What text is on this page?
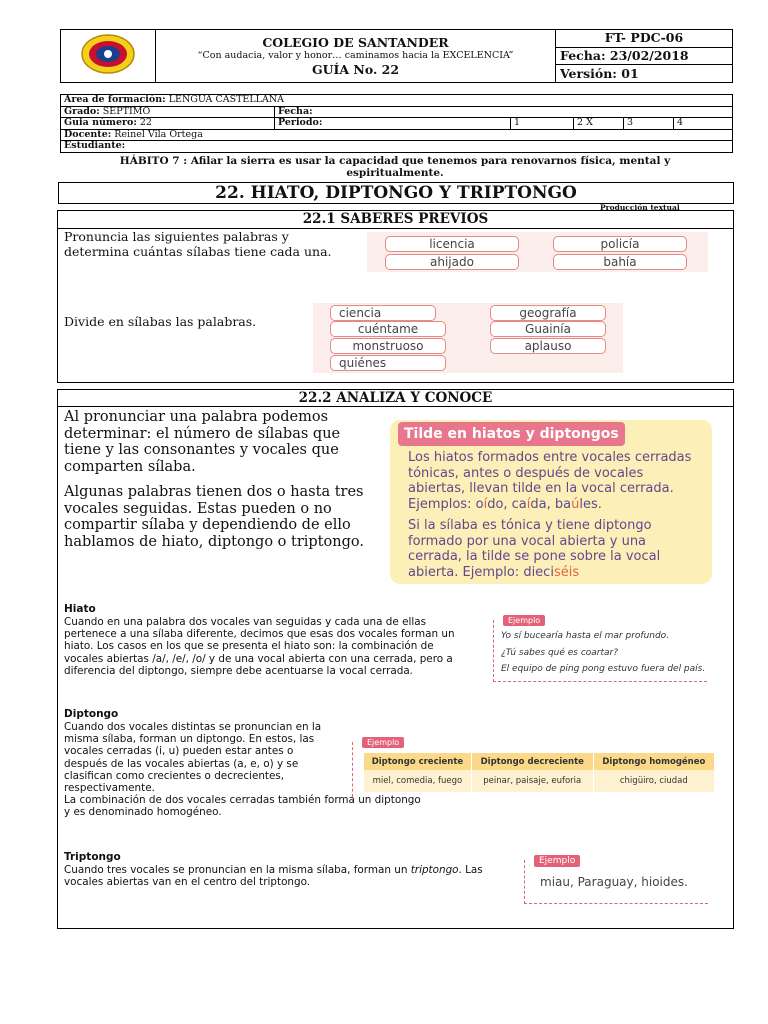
COLEGIO DE SANTANDER
“Con audacia, valor y honor… caminamos hacia la EXCELENCIA”
GUÍA No. 22
	FT- PDC-06
Fecha: 23/02/2018
Versión: 01
Area de formación: LENGUA CASTELLANA					
Grado: SEPTIMO	Fecha:				
Guia número: 22	Periodo:	1	2 X	3	4
Docente: Reinel Vila Ortega					
Estudiante:					
HÁBITO 7 : Afilar la sierra es usar la capacidad que tenemos para renovarnos física, mental y espiritualmente.
22. HIATO, DIPTONGO Y TRIPTONGO
Producción textual
22.1 SABERES PREVIOS
Pronuncia las siguientes palabras y determina cuántas sílabas tiene cada una.	licencia	policía
ahijado	bahía
Divide en sílabas las palabras.
ciencia	geografía
cuéntame	Guainía
monstruoso	aplauso
quiénes
22.2 ANALIZA Y CONOCE
Al pronunciar una palabra podemos determinar: el número de sílabas que tiene y las consonantes y vocales que comparten sílaba.
Algunas palabras tienen dos o hasta tres vocales seguidas. Estas pueden o no compartir sílaba y dependiendo de ello hablamos de hiato, diptongo o triptongo.
Tilde en hiatos y diptongos
Los hiatos formados entre vocales cerradas tónicas, antes o después de vocales abiertas, llevan tilde en la vocal cerrada. Ejemplos: oído, caída, baúles.
Si la sílaba es tónica y tiene diptongo formado por una vocal abierta y una cerrada, la tilde se pone sobre la vocal abierta. Ejemplo: dieciséis
Hiato
Cuando en una palabra dos vocales van seguidas y cada una de ellas pertenece a una sílaba diferente, decimos que esas dos vocales forman un hiato. Los casos en los que se presenta el hiato son: la combinación de vocales abiertas /a/, /e/, /o/ y de una vocal abierta con una cerrada, pero a diferencia del diptongo, siempre debe acentuarse la vocal cerrada.
Ejemplo
Yo sí bucearía hasta el mar profundo.
¿Tú sabes qué es coartar?
El equipo de ping pong estuvo fuera del país.
Diptongo
Cuando dos vocales distintas se pronuncian en la misma sílaba, forman un diptongo. En estos, las vocales cerradas (i, u) pueden estar antes o después de las vocales abiertas (a, e, o) y se clasifican como crecientes o decrecientes, respectivamente.
La combinación de dos vocales cerradas también forma un diptongo y es denominado homogéneo.
Ejemplo
Diptongo creciente	Diptongo decreciente	Diptongo homogéneo
miel, comedia, fuego	peinar, paisaje, euforia	chigüiro, ciudad
Triptongo
Cuando tres vocales se pronuncian en la misma sílaba, forman un triptongo. Las vocales abiertas van en el centro del triptongo.
Ejemplo
miau, Paraguay, hioides.
